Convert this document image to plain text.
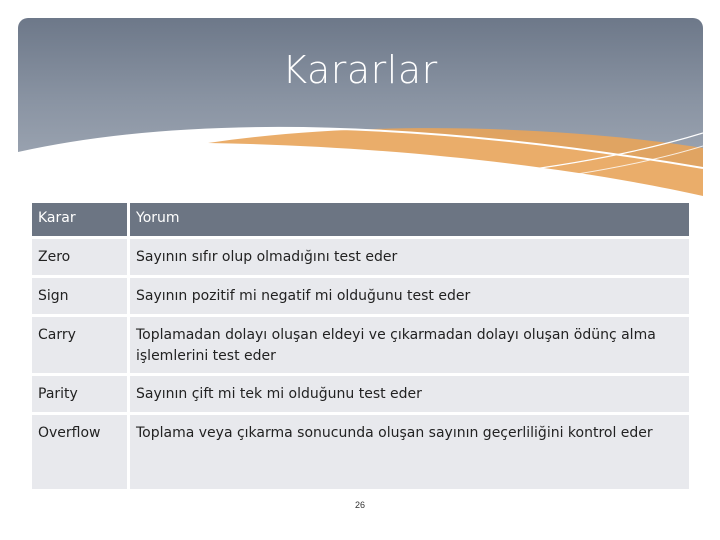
Kararlar
Karar	Yorum
Zero	Sayının sıfır olup olmadığını test eder
Sign	Sayının pozitif mi negatif mi olduğunu test eder
Carry	Toplamadan dolayı oluşan eldeyi ve çıkarmadan dolayı oluşan ödünç alma işlemlerini test eder
Parity	Sayının çift mi tek mi olduğunu test eder
Overflow	Toplama veya çıkarma sonucunda oluşan sayının geçerliliğini kontrol eder
26
